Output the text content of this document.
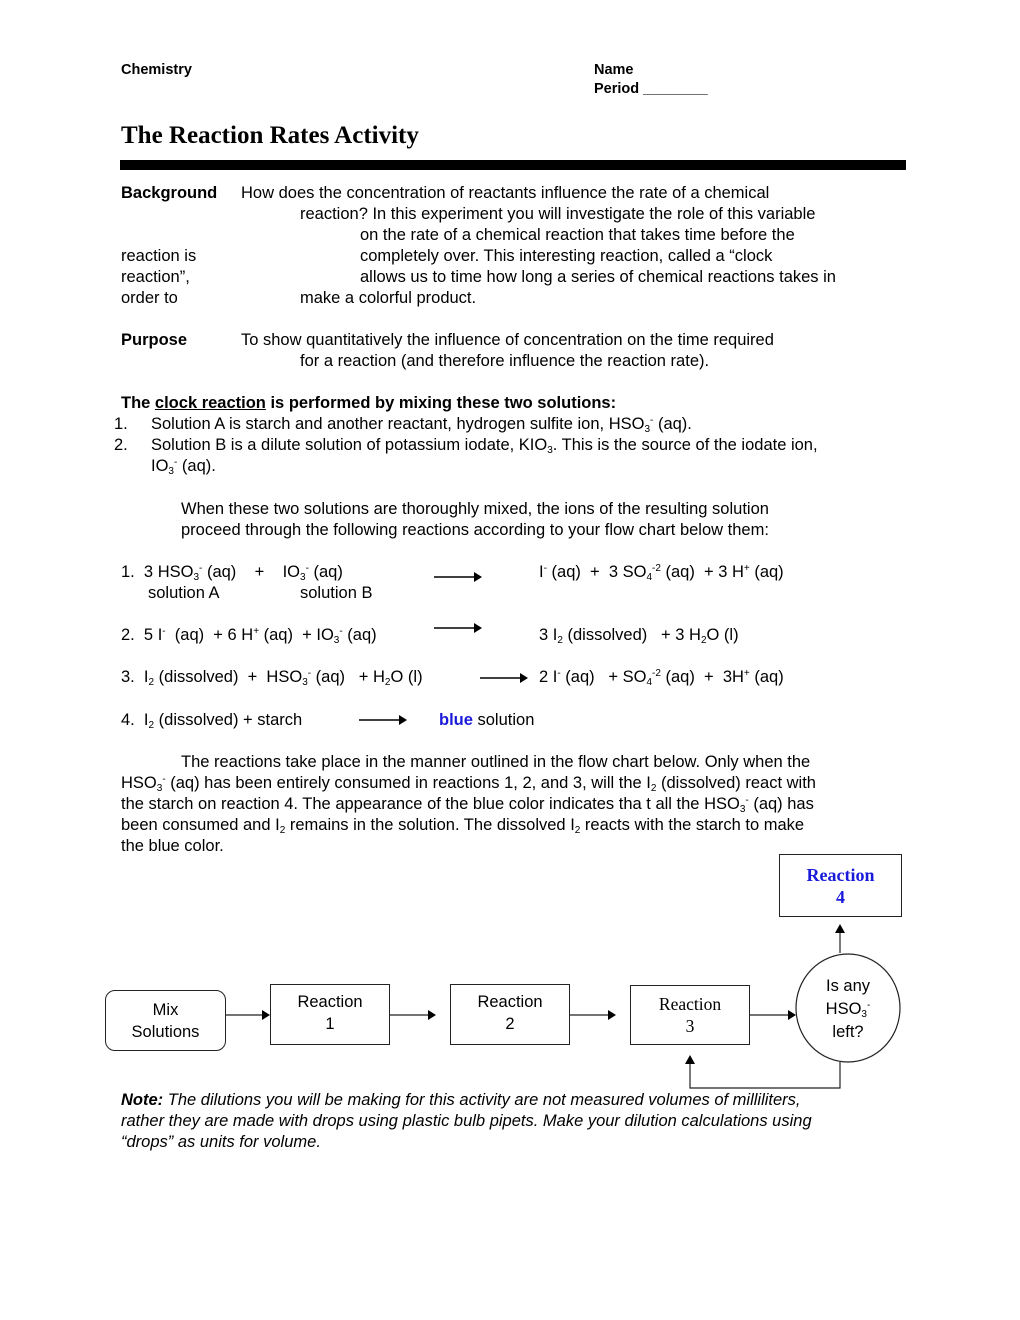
Chemistry	Name
Period ________
The Reaction Rates Activity
Background How does the concentration of reactants influence the rate of a chemical
reaction? In this experiment you will investigate the role of this variable
on the rate of a chemical reaction that takes time before the
reaction is	completely over. This interesting reaction, called a “clock
reaction”,	allows us to time how long a series of chemical reactions takes in
order to	make a colorful product.
Purpose	To show quantitatively the influence of concentration on the time required
for a reaction (and therefore influence the reaction rate).
The clock reaction is performed by mixing these two solutions:
1. Solution A is starch and another reactant, hydrogen sulfite ion, $HSO_3^-$ (aq).
2. Solution B is a dilute solution of potassium iodate, $KIO_3$. This is the source of the iodate ion,
$IO_3^-$ (aq).
When these two solutions are thoroughly mixed, the ions of the resulting solution
proceed through the following reactions according to your flow chart below them:
1.  3 $HSO_3^-$ (aq)    +    $IO_3^-$ (aq)	I- (aq)  +  3 $SO_4^{-2}$ (aq)  + 3 H+ (aq)
solution A	solution B
2.  5 I-  (aq)  + 6 H+ $(aq) + IO_3^-$ (aq)	3 $I_2$ (dissolved)   + 3 $H_2O$ (l)
3.  $I_2$ (dissolved)  +  $HSO_3^-$ $(aq) + H_2O$ (l)	→ 2 I- $(aq) + SO_4^{-2}$ (aq)  +  3H+ (aq)
4.  $I_2$ (dissolved) + starch	blue solution
The reactions take place in the manner outlined in the flow chart below. Only when the
$HSO_3^-$ (aq) has been entirely consumed in reactions 1, 2, and 3, will the $I_2$ (dissolved) react with
the starch on reaction 4. The appearance of the blue color indicates tha t all the $HSO_3^-$ (aq) has
been consumed and $I_2$ remains in the solution. The dissolved $I_2$ reacts with the starch to make
the blue color.
Mix
Solutions
Reaction
1
Reaction
2
Reaction
3
Reaction
4
Is any
$HSO_3^-$
left?
Note: The dilutions you will be making for this activity are not measured volumes of milliliters,
rather they are made with drops using plastic bulb pipets. Make your dilution calculations using
“drops” as units for volume.
